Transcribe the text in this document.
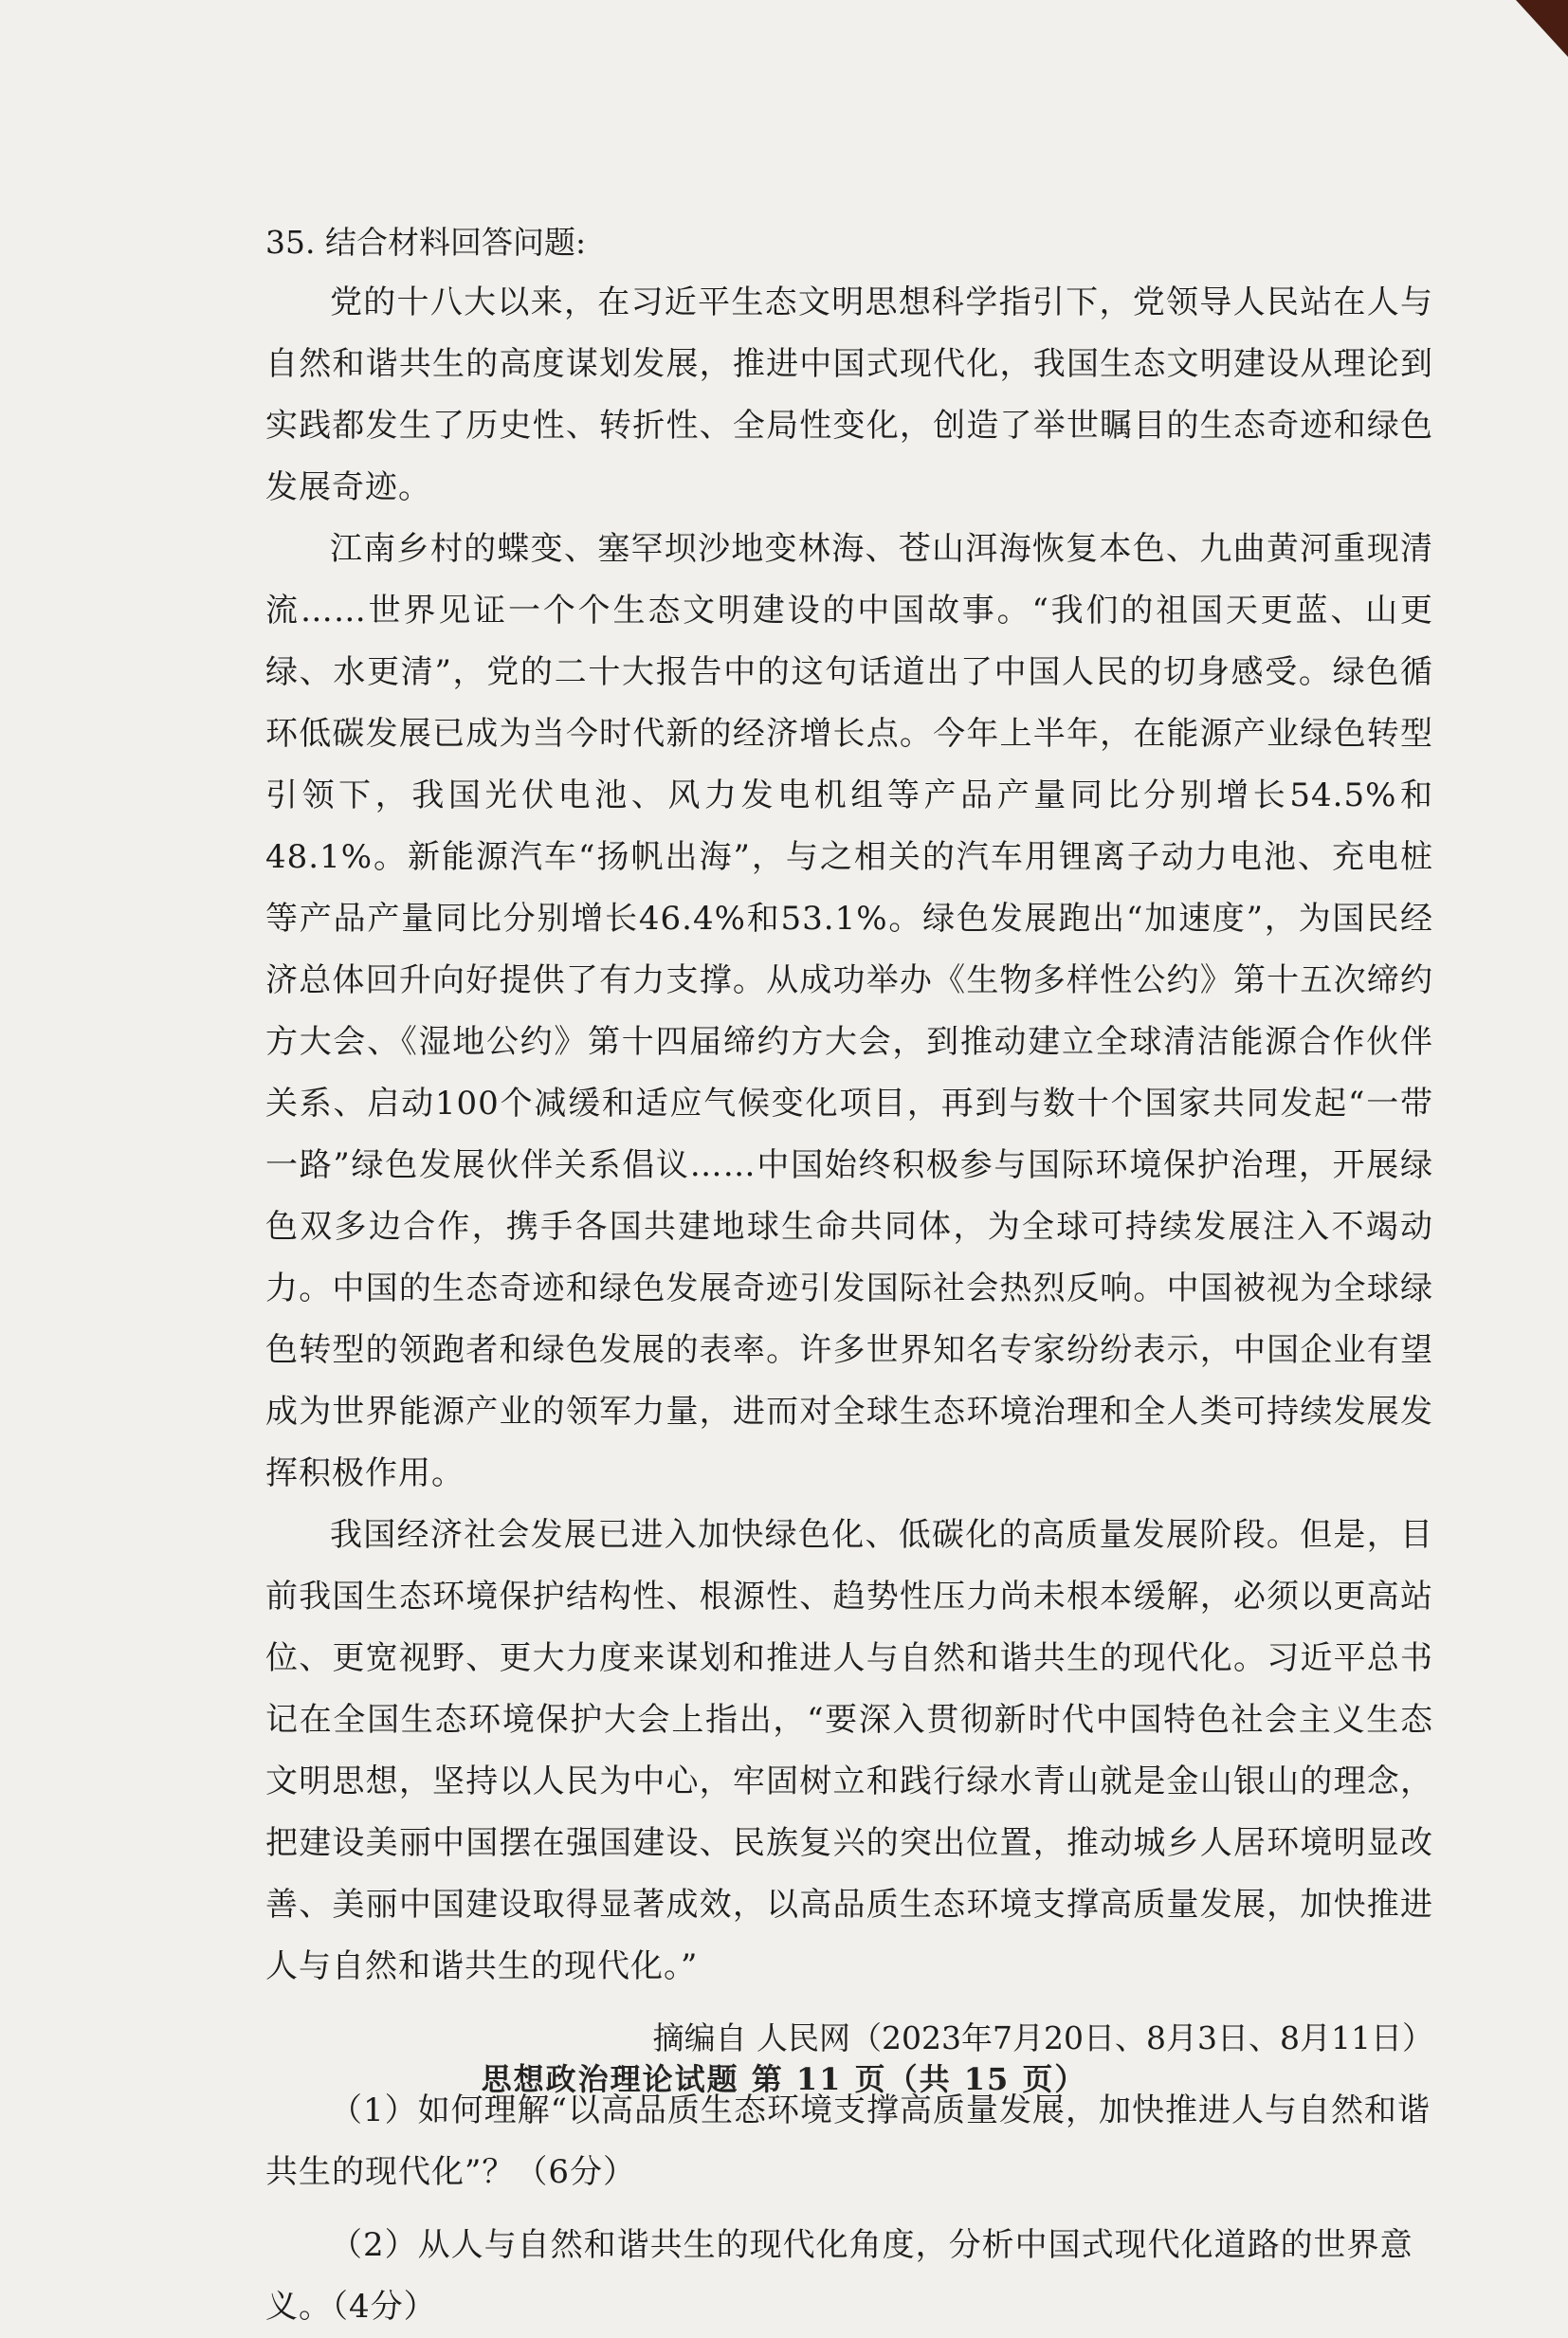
35. 结合材料回答问题:

党的十八大以来，在习近平生态文明思想科学指引下，党领导人民站在人与自然和谐共生的高度谋划发展，推进中国式现代化，我国生态文明建设从理论到实践都发生了历史性、转折性、全局性变化，创造了举世瞩目的生态奇迹和绿色发展奇迹。

江南乡村的蝶变、塞罕坝沙地变林海、苍山洱海恢复本色、九曲黄河重现清流……世界见证一个个生态文明建设的中国故事。“我们的祖国天更蓝、山更绿、水更清”，党的二十大报告中的这句话道出了中国人民的切身感受。绿色循环低碳发展已成为当今时代新的经济增长点。今年上半年，在能源产业绿色转型引领下，我国光伏电池、风力发电机组等产品产量同比分别增长54.5%和48.1%。新能源汽车“扬帆出海”，与之相关的汽车用锂离子动力电池、充电桩等产品产量同比分别增长46.4%和53.1%。绿色发展跑出“加速度”，为国民经济总体回升向好提供了有力支撑。从成功举办《生物多样性公约》第十五次缔约方大会、《湿地公约》第十四届缔约方大会，到推动建立全球清洁能源合作伙伴关系、启动100个减缓和适应气候变化项目，再到与数十个国家共同发起“一带一路”绿色发展伙伴关系倡议……中国始终积极参与国际环境保护治理，开展绿色双多边合作，携手各国共建地球生命共同体，为全球可持续发展注入不竭动力。中国的生态奇迹和绿色发展奇迹引发国际社会热烈反响。中国被视为全球绿色转型的领跑者和绿色发展的表率。许多世界知名专家纷纷表示，中国企业有望成为世界能源产业的领军力量，进而对全球生态环境治理和全人类可持续发展发挥积极作用。

我国经济社会发展已进入加快绿色化、低碳化的高质量发展阶段。但是，目前我国生态环境保护结构性、根源性、趋势性压力尚未根本缓解，必须以更高站位、更宽视野、更大力度来谋划和推进人与自然和谐共生的现代化。习近平总书记在全国生态环境保护大会上指出，“要深入贯彻新时代中国特色社会主义生态文明思想，坚持以人民为中心，牢固树立和践行绿水青山就是金山银山的理念，把建设美丽中国摆在强国建设、民族复兴的突出位置，推动城乡人居环境明显改善、美丽中国建设取得显著成效，以高品质生态环境支撑高质量发展，加快推进人与自然和谐共生的现代化。”

摘编自 人民网（2023年7月20日、8月3日、8月11日）

（1）如何理解“以高品质生态环境支撑高质量发展，加快推进人与自然和谐共生的现代化”？（6分）

（2）从人与自然和谐共生的现代化角度，分析中国式现代化道路的世界意义。（4分）

思想政治理论试题 第 11 页（共 15 页）
